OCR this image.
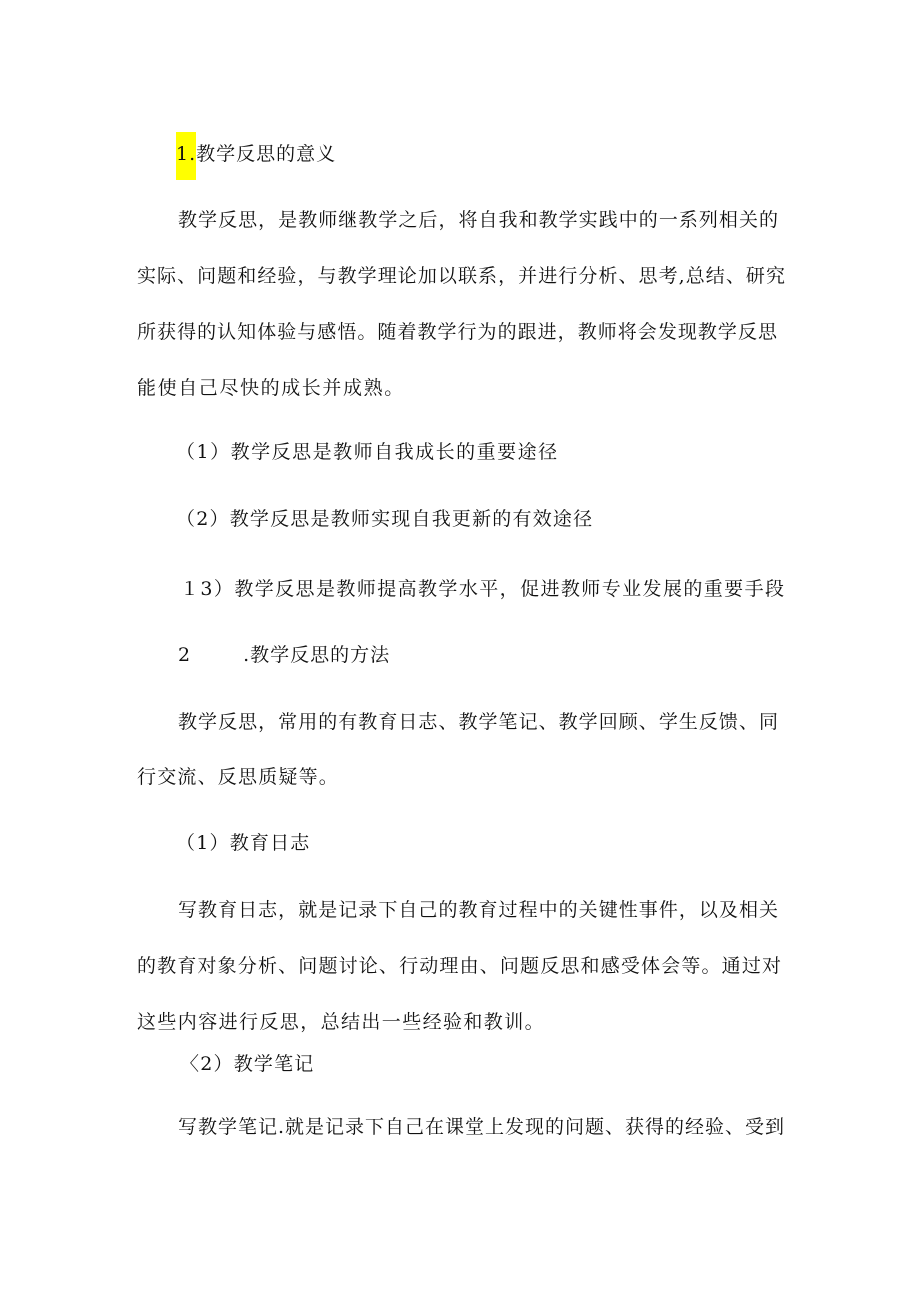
1.教学反思的意义
教学反思，是教师继教学之后，将自我和教学实践中的一系列相关的
实际、问题和经验，与教学理论加以联系，并进行分析、思考,总结、研究
所获得的认知体验与感悟。随着教学行为的跟进，教师将会发现教学反思
能使自己尽快的成长并成熟。
（1）教学反思是教师自我成长的重要途径
（2）教学反思是教师实现自我更新的有效途径
１3）教学反思是教师提高教学水平，促进教师专业发展的重要手段
2	.教学反思的方法
教学反思，常用的有教育日志、教学笔记、教学回顾、学生反馈、同
行交流、反思质疑等。
（1）教育日志
写教育日志，就是记录下自己的教育过程中的关键性事件，以及相关
的教育对象分析、问题讨论、行动理由、问题反思和感受体会等。通过对
这些内容进行反思，总结出一些经验和教训。
〈2）教学笔记
写教学笔记.就是记录下自己在课堂上发现的问题、获得的经验、受到
